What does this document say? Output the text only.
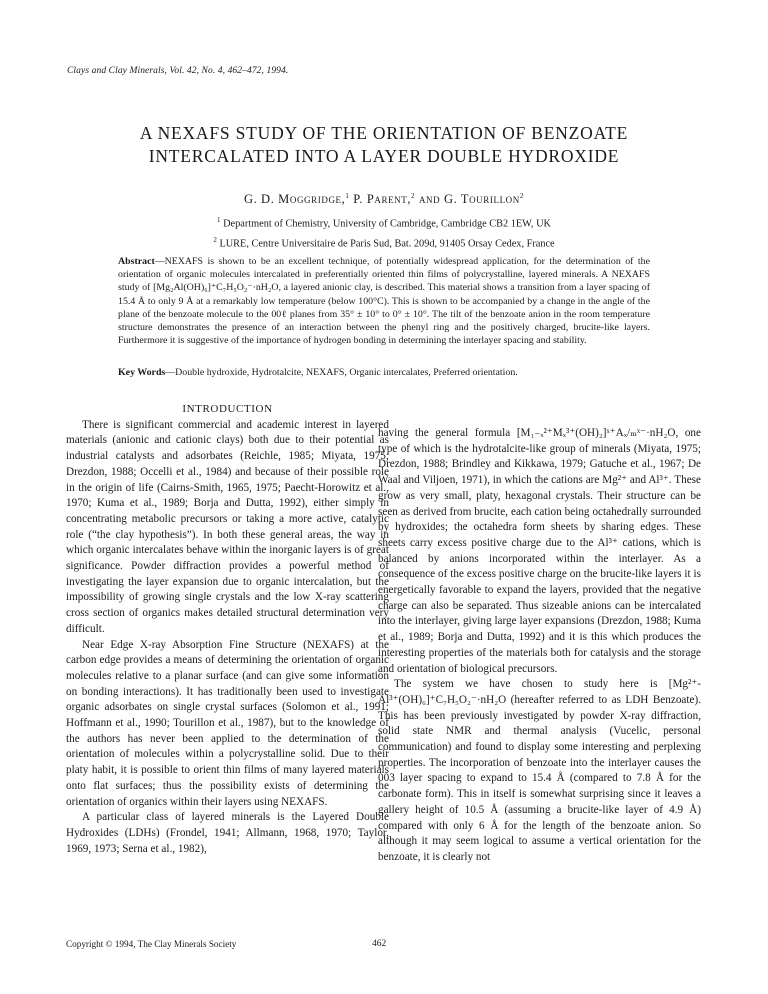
Clays and Clay Minerals, Vol. 42, No. 4, 462–472, 1994.
A NEXAFS STUDY OF THE ORIENTATION OF BENZOATE
INTERCALATED INTO A LAYER DOUBLE HYDROXIDE
G. D. Moggridge,$^1$ P. Parent,$^2$ and G. Tourillon$^2$
$^1$ Department of Chemistry, University of Cambridge, Cambridge CB2 1EW, UK
$^2$ LURE, Centre Universitaire de Paris Sud, Bat. 209d, 91405 Orsay Cedex, France
Abstract—NEXAFS is shown to be an excellent technique, of potentially widespread application, for the determination of the orientation of organic molecules intercalated in preferentially oriented thin films of polycrystalline, layered minerals. A NEXAFS study of [Mg₂Al(OH)₆]⁺C₇H₅O₂⁻·nH₂O, a layered anionic clay, is described. This material shows a transition from a layer spacing of 15.4 Å to only 9 Å at a remarkably low temperature (below 100°C). This is shown to be accompanied by a change in the angle of the plane of the benzoate molecule to the 00ℓ planes from 35° ± 10° to 0° ± 10°. The tilt of the benzoate anion in the room temperature structure demonstrates the presence of an interaction between the phenyl ring and the positively charged, brucite-like layers. Furthermore it is suggestive of the importance of hydrogen bonding in determining the interlayer spacing and stability.
Key Words—Double hydroxide, Hydrotalcite, NEXAFS, Organic intercalates, Preferred orientation.

INTRODUCTION

There is significant commercial and academic interest in layered materials (anionic and cationic clays) both due to their potential as industrial catalysts and adsorbates (Reichle, 1985; Miyata, 1975; Drezdon, 1988; Occelli et al., 1984) and because of their possible role in the origin of life (Cairns-Smith, 1965, 1975; Paecht-Horowitz et al., 1970; Kuma et al., 1989; Borja and Dutta, 1992), either simply in concentrating metabolic precursors or taking a more active, catalytic role (“the clay hypothesis”). In both these general areas, the way in which organic intercalates behave within the inorganic layers is of great significance. Powder diffraction provides a powerful method of investigating the layer expansion due to organic intercalation, but the impossibility of growing single crystals and the low X-ray scattering cross section of organics makes detailed structural determination very difficult.

Near Edge X-ray Absorption Fine Structure (NEXAFS) at the carbon edge provides a means of determining the orientation of organic molecules relative to a planar surface (and can give some information on bonding interactions). It has traditionally been used to investigate organic adsorbates on single crystal surfaces (Solomon et al., 1991; Hoffmann et al., 1990; Tourillon et al., 1987), but to the knowledge of the authors has never been applied to the determination of the orientation of molecules within a polycrystalline solid. Due to their platy habit, it is possible to orient thin films of many layered materials onto flat surfaces; thus the possibility exists of determining the orientation of organics within their layers using NEXAFS.

A particular class of layered minerals is the Layered Double Hydroxides (LDHs) (Frondel, 1941; Allmann, 1968, 1970; Taylor, 1969, 1973; Serna et al., 1982),

having the general formula [M₁₋ₓ²⁺Mₓ³⁺(OH)₂]ˣ⁺Aₓ/ₘˣ⁻·nH₂O, one type of which is the hydrotalcite-like group of minerals (Miyata, 1975; Drezdon, 1988; Brindley and Kikkawa, 1979; Gatuche et al., 1967; De Waal and Viljoen, 1971), in which the cations are Mg²⁺ and Al³⁺. These grow as very small, platy, hexagonal crystals. Their structure can be seen as derived from brucite, each cation being octahedrally surrounded by hydroxides; the octahedra form sheets by sharing edges. These sheets carry excess positive charge due to the Al³⁺ cations, which is balanced by anions incorporated within the interlayer. As a consequence of the excess positive charge on the brucite-like layers it is energetically favorable to expand the layers, provided that the negative charge can also be separated. Thus sizeable anions can be intercalated into the interlayer, giving large layer expansions (Drezdon, 1988; Kuma et al., 1989; Borja and Dutta, 1992) and it is this which produces the interesting properties of the materials both for catalysis and the storage and orientation of biological precursors.

The system we have chosen to study here is [Mg²⁺-Al³⁺(OH)₆]⁺C₇H₅O₂⁻·nH₂O (hereafter referred to as LDH Benzoate). This has been previously investigated by powder X-ray diffraction, solid state NMR and thermal analysis (Vucelic, personal communication) and found to display some interesting and perplexing properties. The incorporation of benzoate into the interlayer causes the 003 layer spacing to expand to 15.4 Å (compared to 7.8 Å for the carbonate form). This in itself is somewhat surprising since it leaves a gallery height of 10.5 Å (assuming a brucite-like layer of 4.9 Å) compared with only 6 Å for the length of the benzoate anion. So although it may seem logical to assume a vertical orientation for the benzoate, it is clearly not

Copyright © 1994, The Clay Minerals Society	462
